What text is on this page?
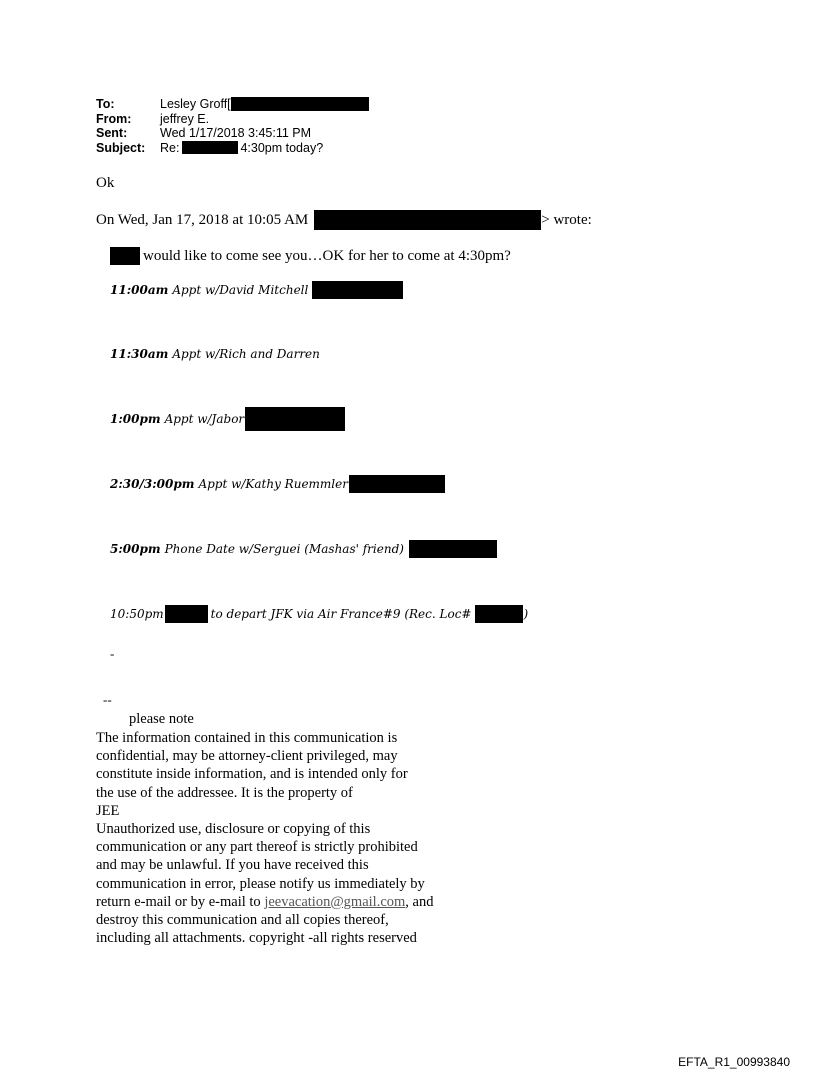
To:	Lesley Groff[
From:	jeffrey E.
Sent:	Wed 1/17/2018 3:45:11 PM
Subject:	Re:	4:30pm today?
Ok
On Wed, Jan 17, 2018 at 10:05 AM	> wrote:
would like to come see you…OK for her to come at 4:30pm?
11:00am Appt w/David Mitchell
11:30am Appt w/Rich and Darren
1:00pm Appt w/Jabor
2:30/3:00pm Appt w/Kathy Ruemmler
5:00pm Phone Date w/Serguei (Mashas' friend)
10:50pm	to depart JFK via Air France#9 (Rec. Loc#	)
-
--
please note
The information contained in this communication is
confidential, may be attorney-client privileged, may
constitute inside information, and is intended only for
the use of the addressee. It is the property of
JEE
Unauthorized use, disclosure or copying of this
communication or any part thereof is strictly prohibited
and may be unlawful. If you have received this
communication in error, please notify us immediately by
return e-mail or by e-mail to jeevacation@gmail.com, and
destroy this communication and all copies thereof,
including all attachments. copyright -all rights reserved
EFTA_R1_00993840
